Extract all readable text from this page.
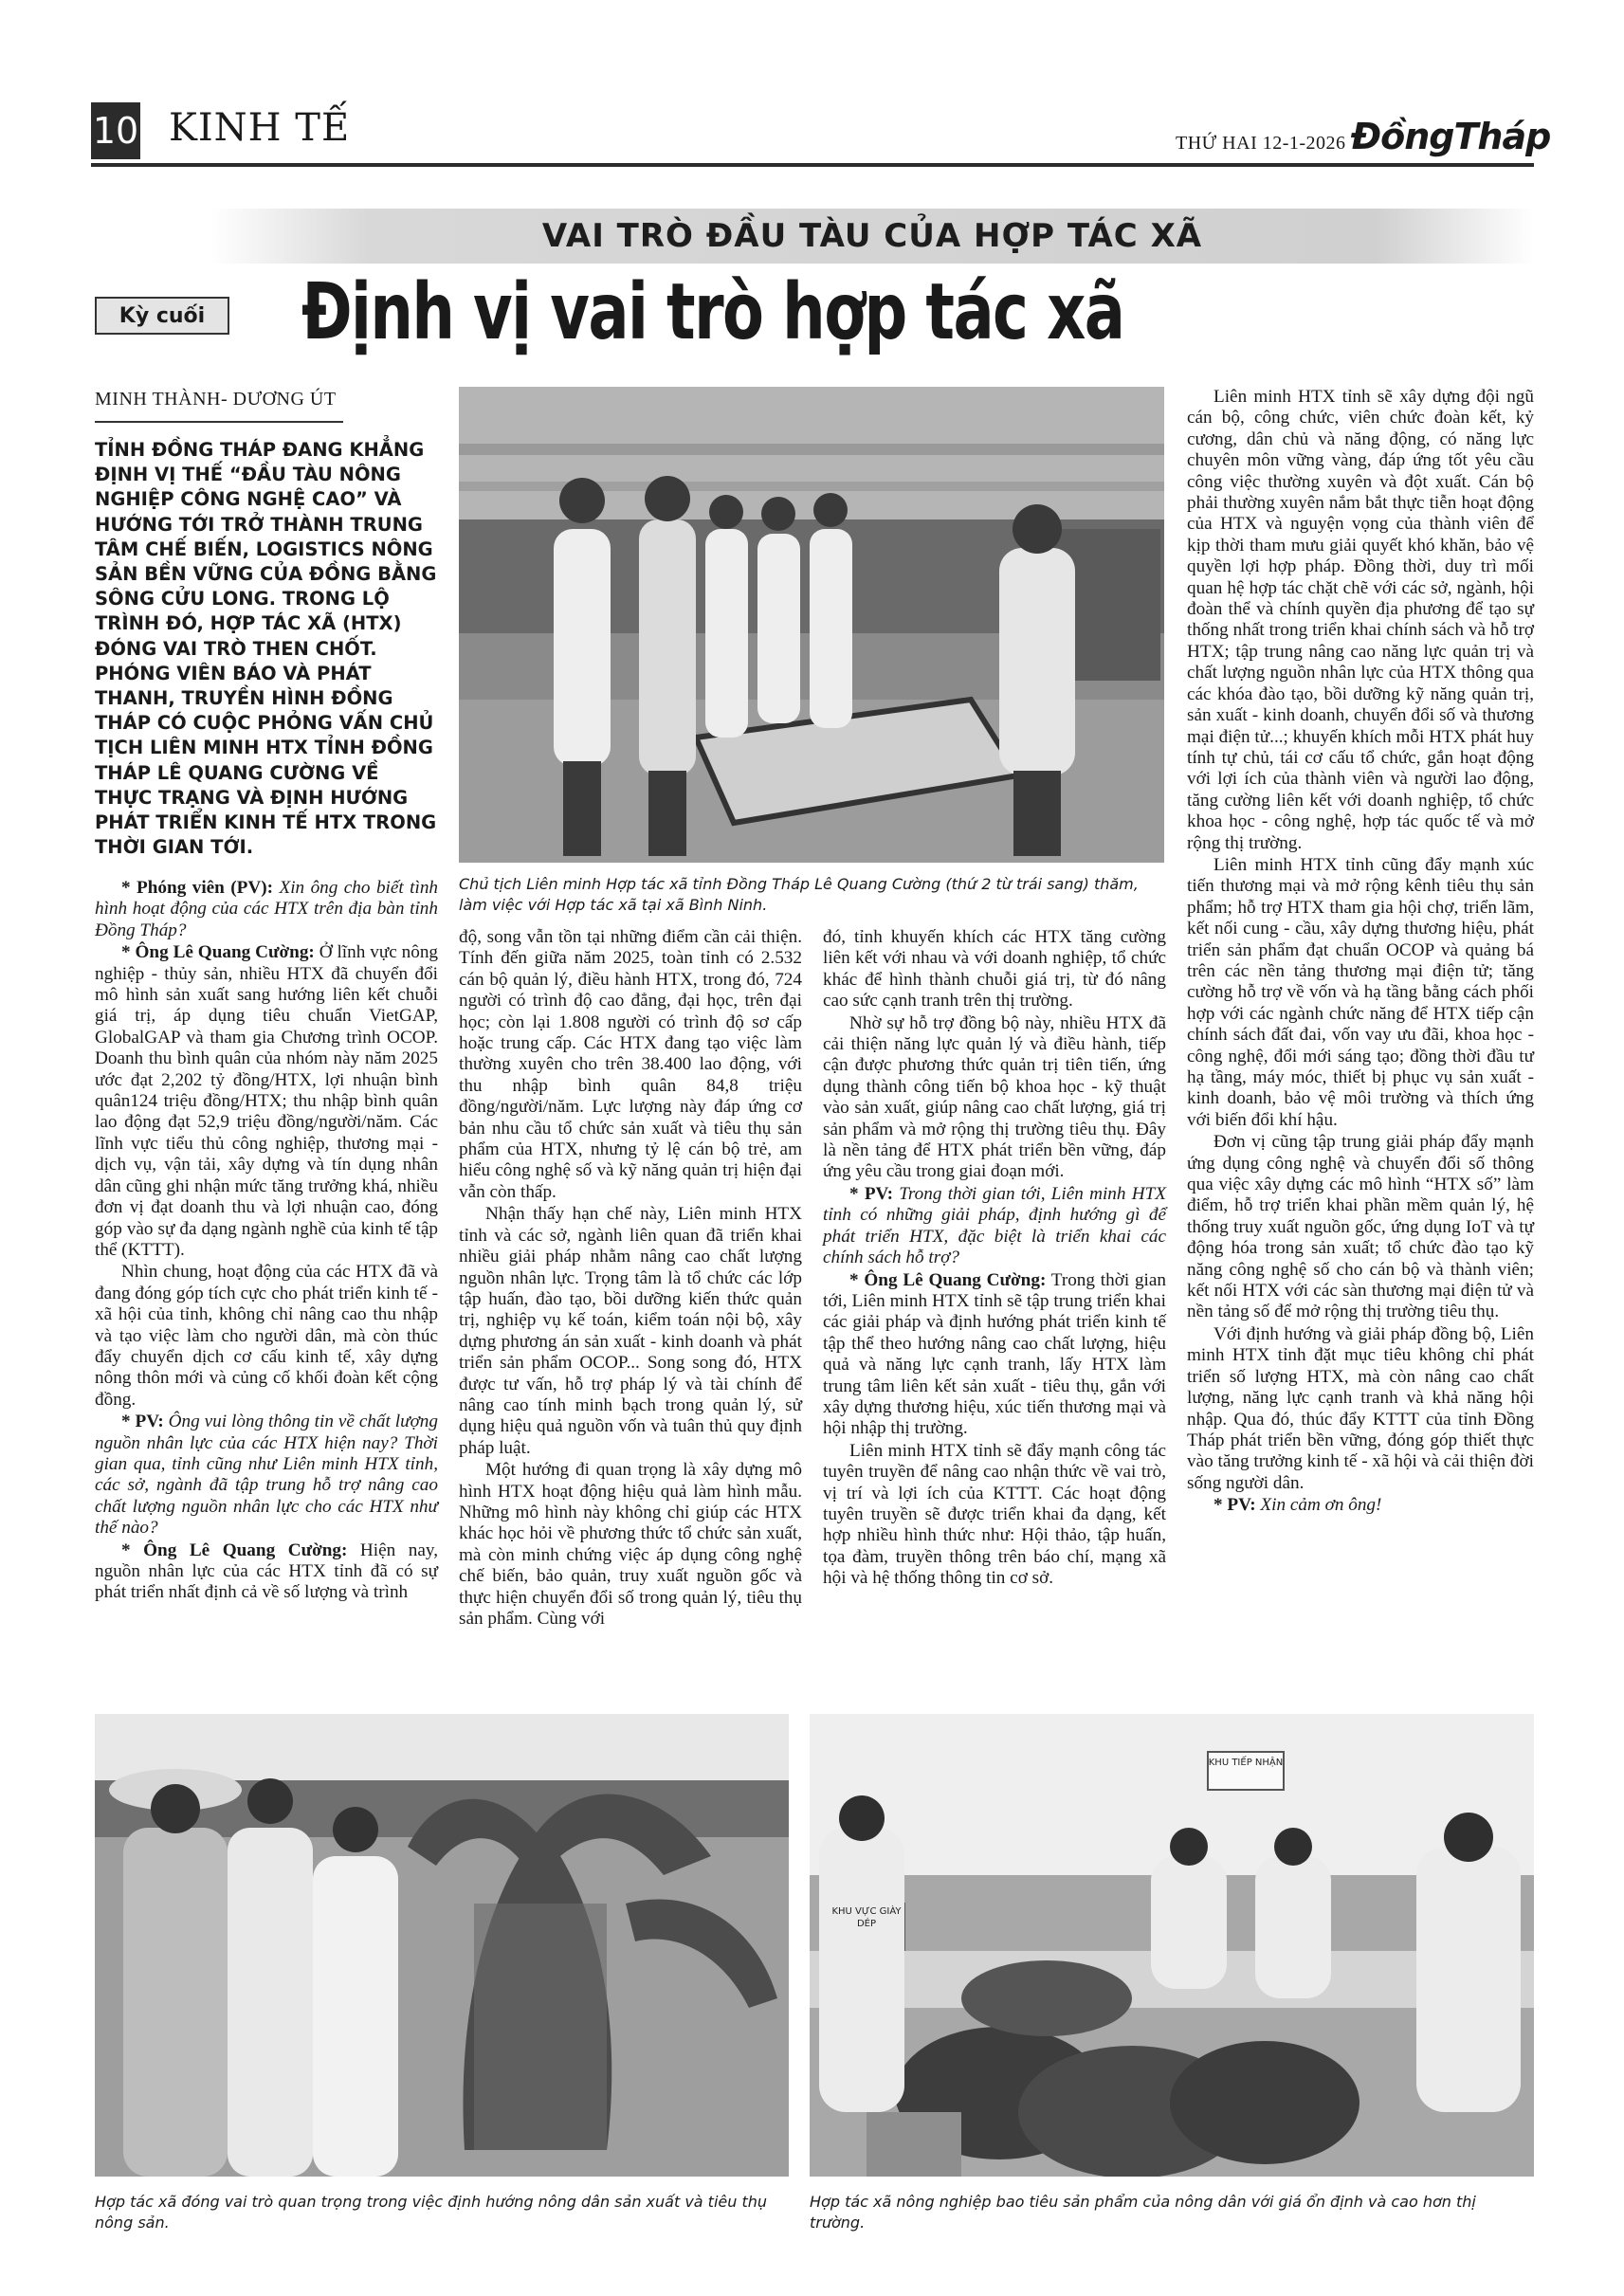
10 KINH TẾ	THỨ HAI 12-1-2026 ĐồngTháp
VAI TRÒ ĐẦU TÀU CỦA HỢP TÁC XÃ
Kỳ cuối	Định vị vai trò hợp tác xã
MINH THÀNH- DƯƠNG ÚT
TỈNH ĐỒNG THÁP ĐANG KHẲNG ĐỊNH VỊ THẾ “ĐẦU TÀU NÔNG NGHIỆP CÔNG NGHỆ CAO” VÀ HƯỚNG TỚI TRỞ THÀNH TRUNG TÂM CHẾ BIẾN, LOGISTICS NÔNG SẢN BỀN VỮNG CỦA ĐỒNG BẰNG SÔNG CỬU LONG. TRONG LỘ TRÌNH ĐÓ, HỢP TÁC XÃ (HTX) ĐÓNG VAI TRÒ THEN CHỐT. PHÓNG VIÊN BÁO VÀ PHÁT THANH, TRUYỀN HÌNH ĐỒNG THÁP CÓ CUỘC PHỎNG VẤN CHỦ TỊCH LIÊN MINH HTX TỈNH ĐỒNG THÁP LÊ QUANG CƯỜNG VỀ THỰC TRẠNG VÀ ĐỊNH HƯỚNG PHÁT TRIỂN KINH TẾ HTX TRONG THỜI GIAN TỚI.
Chủ tịch Liên minh Hợp tác xã tỉnh Đồng Tháp Lê Quang Cường (thứ 2 từ trái sang) thăm, làm việc với Hợp tác xã tại xã Bình Ninh.

* Phóng viên (PV): Xin ông cho biết tình hình hoạt động của các HTX trên địa bàn tỉnh Đồng Tháp?

* Ông Lê Quang Cường: Ở lĩnh vực nông nghiệp - thủy sản, nhiều HTX đã chuyển đổi mô hình sản xuất sang hướng liên kết chuỗi giá trị, áp dụng tiêu chuẩn VietGAP, GlobalGAP và tham gia Chương trình OCOP. Doanh thu bình quân của nhóm này năm 2025 ước đạt 2,202 tỷ đồng/HTX, lợi nhuận bình quân124 triệu đồng/HTX; thu nhập bình quân lao động đạt 52,9 triệu đồng/người/năm. Các lĩnh vực tiểu thủ công nghiệp, thương mại - dịch vụ, vận tải, xây dựng và tín dụng nhân dân cũng ghi nhận mức tăng trưởng khá, nhiều đơn vị đạt doanh thu và lợi nhuận cao, đóng góp vào sự đa dạng ngành nghề của kinh tế tập thể (KTTT).

Nhìn chung, hoạt động của các HTX đã và đang đóng góp tích cực cho phát triển kinh tế - xã hội của tỉnh, không chỉ nâng cao thu nhập và tạo việc làm cho người dân, mà còn thúc đẩy chuyển dịch cơ cấu kinh tế, xây dựng nông thôn mới và củng cố khối đoàn kết cộng đồng.

* PV: Ông vui lòng thông tin về chất lượng nguồn nhân lực của các HTX hiện nay? Thời gian qua, tỉnh cũng như Liên minh HTX tỉnh, các sở, ngành đã tập trung hỗ trợ nâng cao chất lượng nguồn nhân lực cho các HTX như thế nào?

* Ông Lê Quang Cường: Hiện nay, nguồn nhân lực của các HTX tỉnh đã có sự phát triển nhất định cả về số lượng và trình

độ, song vẫn tồn tại những điểm cần cải thiện. Tính đến giữa năm 2025, toàn tỉnh có 2.532 cán bộ quản lý, điều hành HTX, trong đó, 724 người có trình độ cao đẳng, đại học, trên đại học; còn lại 1.808 người có trình độ sơ cấp hoặc trung cấp. Các HTX đang tạo việc làm thường xuyên cho trên 38.400 lao động, với thu nhập bình quân 84,8 triệu đồng/người/năm. Lực lượng này đáp ứng cơ bản nhu cầu tổ chức sản xuất và tiêu thụ sản phẩm của HTX, nhưng tỷ lệ cán bộ trẻ, am hiểu công nghệ số và kỹ năng quản trị hiện đại vẫn còn thấp.

Nhận thấy hạn chế này, Liên minh HTX tỉnh và các sở, ngành liên quan đã triển khai nhiều giải pháp nhằm nâng cao chất lượng nguồn nhân lực. Trọng tâm là tổ chức các lớp tập huấn, đào tạo, bồi dưỡng kiến thức quản trị, nghiệp vụ kế toán, kiểm toán nội bộ, xây dựng phương án sản xuất - kinh doanh và phát triển sản phẩm OCOP... Song song đó, HTX được tư vấn, hỗ trợ pháp lý và tài chính để nâng cao tính minh bạch trong quản lý, sử dụng hiệu quả nguồn vốn và tuân thủ quy định pháp luật.

Một hướng đi quan trọng là xây dựng mô hình HTX hoạt động hiệu quả làm hình mẫu. Những mô hình này không chỉ giúp các HTX khác học hỏi về phương thức tổ chức sản xuất, mà còn minh chứng việc áp dụng công nghệ chế biến, bảo quản, truy xuất nguồn gốc và thực hiện chuyển đổi số trong quản lý, tiêu thụ sản phẩm. Cùng với

đó, tỉnh khuyến khích các HTX tăng cường liên kết với nhau và với doanh nghiệp, tổ chức khác để hình thành chuỗi giá trị, từ đó nâng cao sức cạnh tranh trên thị trường.

Nhờ sự hỗ trợ đồng bộ này, nhiều HTX đã cải thiện năng lực quản lý và điều hành, tiếp cận được phương thức quản trị tiên tiến, ứng dụng thành công tiến bộ khoa học - kỹ thuật vào sản xuất, giúp nâng cao chất lượng, giá trị sản phẩm và mở rộng thị trường tiêu thụ. Đây là nền tảng để HTX phát triển bền vững, đáp ứng yêu cầu trong giai đoạn mới.

* PV: Trong thời gian tới, Liên minh HTX tỉnh có những giải pháp, định hướng gì để phát triển HTX, đặc biệt là triển khai các chính sách hỗ trợ?

* Ông Lê Quang Cường: Trong thời gian tới, Liên minh HTX tỉnh sẽ tập trung triển khai các giải pháp và định hướng phát triển kinh tế tập thể theo hướng nâng cao chất lượng, hiệu quả và năng lực cạnh tranh, lấy HTX làm trung tâm liên kết sản xuất - tiêu thụ, gắn với xây dựng thương hiệu, xúc tiến thương mại và hội nhập thị trường.

Liên minh HTX tỉnh sẽ đẩy mạnh công tác tuyên truyền để nâng cao nhận thức về vai trò, vị trí và lợi ích của KTTT. Các hoạt động tuyên truyền sẽ được triển khai đa dạng, kết hợp nhiều hình thức như: Hội thảo, tập huấn, tọa đàm, truyền thông trên báo chí, mạng xã hội và hệ thống thông tin cơ sở.

Liên minh HTX tỉnh sẽ xây dựng đội ngũ cán bộ, công chức, viên chức đoàn kết, kỷ cương, dân chủ và năng động, có năng lực chuyên môn vững vàng, đáp ứng tốt yêu cầu công việc thường xuyên và đột xuất. Cán bộ phải thường xuyên nắm bắt thực tiễn hoạt động của HTX và nguyện vọng của thành viên để kịp thời tham mưu giải quyết khó khăn, bảo vệ quyền lợi hợp pháp. Đồng thời, duy trì mối quan hệ hợp tác chặt chẽ với các sở, ngành, hội đoàn thể và chính quyền địa phương để tạo sự thống nhất trong triển khai chính sách và hỗ trợ HTX; tập trung nâng cao năng lực quản trị và chất lượng nguồn nhân lực của HTX thông qua các khóa đào tạo, bồi dưỡng kỹ năng quản trị, sản xuất - kinh doanh, chuyển đổi số và thương mại điện tử...; khuyến khích mỗi HTX phát huy tính tự chủ, tái cơ cấu tổ chức, gắn hoạt động với lợi ích của thành viên và người lao động, tăng cường liên kết với doanh nghiệp, tổ chức khoa học - công nghệ, hợp tác quốc tế và mở rộng thị trường.

Liên minh HTX tỉnh cũng đẩy mạnh xúc tiến thương mại và mở rộng kênh tiêu thụ sản phẩm; hỗ trợ HTX tham gia hội chợ, triển lãm, kết nối cung - cầu, xây dựng thương hiệu, phát triển sản phẩm đạt chuẩn OCOP và quảng bá trên các nền tảng thương mại điện tử; tăng cường hỗ trợ về vốn và hạ tầng bằng cách phối hợp với các ngành chức năng để HTX tiếp cận chính sách đất đai, vốn vay ưu đãi, khoa học - công nghệ, đổi mới sáng tạo; đồng thời đầu tư hạ tầng, máy móc, thiết bị phục vụ sản xuất - kinh doanh, bảo vệ môi trường và thích ứng với biến đổi khí hậu.

Đơn vị cũng tập trung giải pháp đẩy mạnh ứng dụng công nghệ và chuyển đổi số thông qua việc xây dựng các mô hình “HTX số” làm điểm, hỗ trợ triển khai phần mềm quản lý, hệ thống truy xuất nguồn gốc, ứng dụng IoT và tự động hóa trong sản xuất; tổ chức đào tạo kỹ năng công nghệ số cho cán bộ và thành viên; kết nối HTX với các sàn thương mại điện tử và nền tảng số để mở rộng thị trường tiêu thụ.

Với định hướng và giải pháp đồng bộ, Liên minh HTX tỉnh đặt mục tiêu không chỉ phát triển số lượng HTX, mà còn nâng cao chất lượng, năng lực cạnh tranh và khả năng hội nhập. Qua đó, thúc đẩy KTTT của tỉnh Đồng Tháp phát triển bền vững, đóng góp thiết thực vào tăng trưởng kinh tế - xã hội và cải thiện đời sống người dân.

* PV: Xin cảm ơn ông!

Hợp tác xã đóng vai trò quan trọng trong việc định hướng nông dân sản xuất và tiêu thụ nông sản.
KHU VỰC GIÀY DÉP
KHU TIẾP NHẬN
Hợp tác xã nông nghiệp bao tiêu sản phẩm của nông dân với giá ổn định và cao hơn thị trường.
